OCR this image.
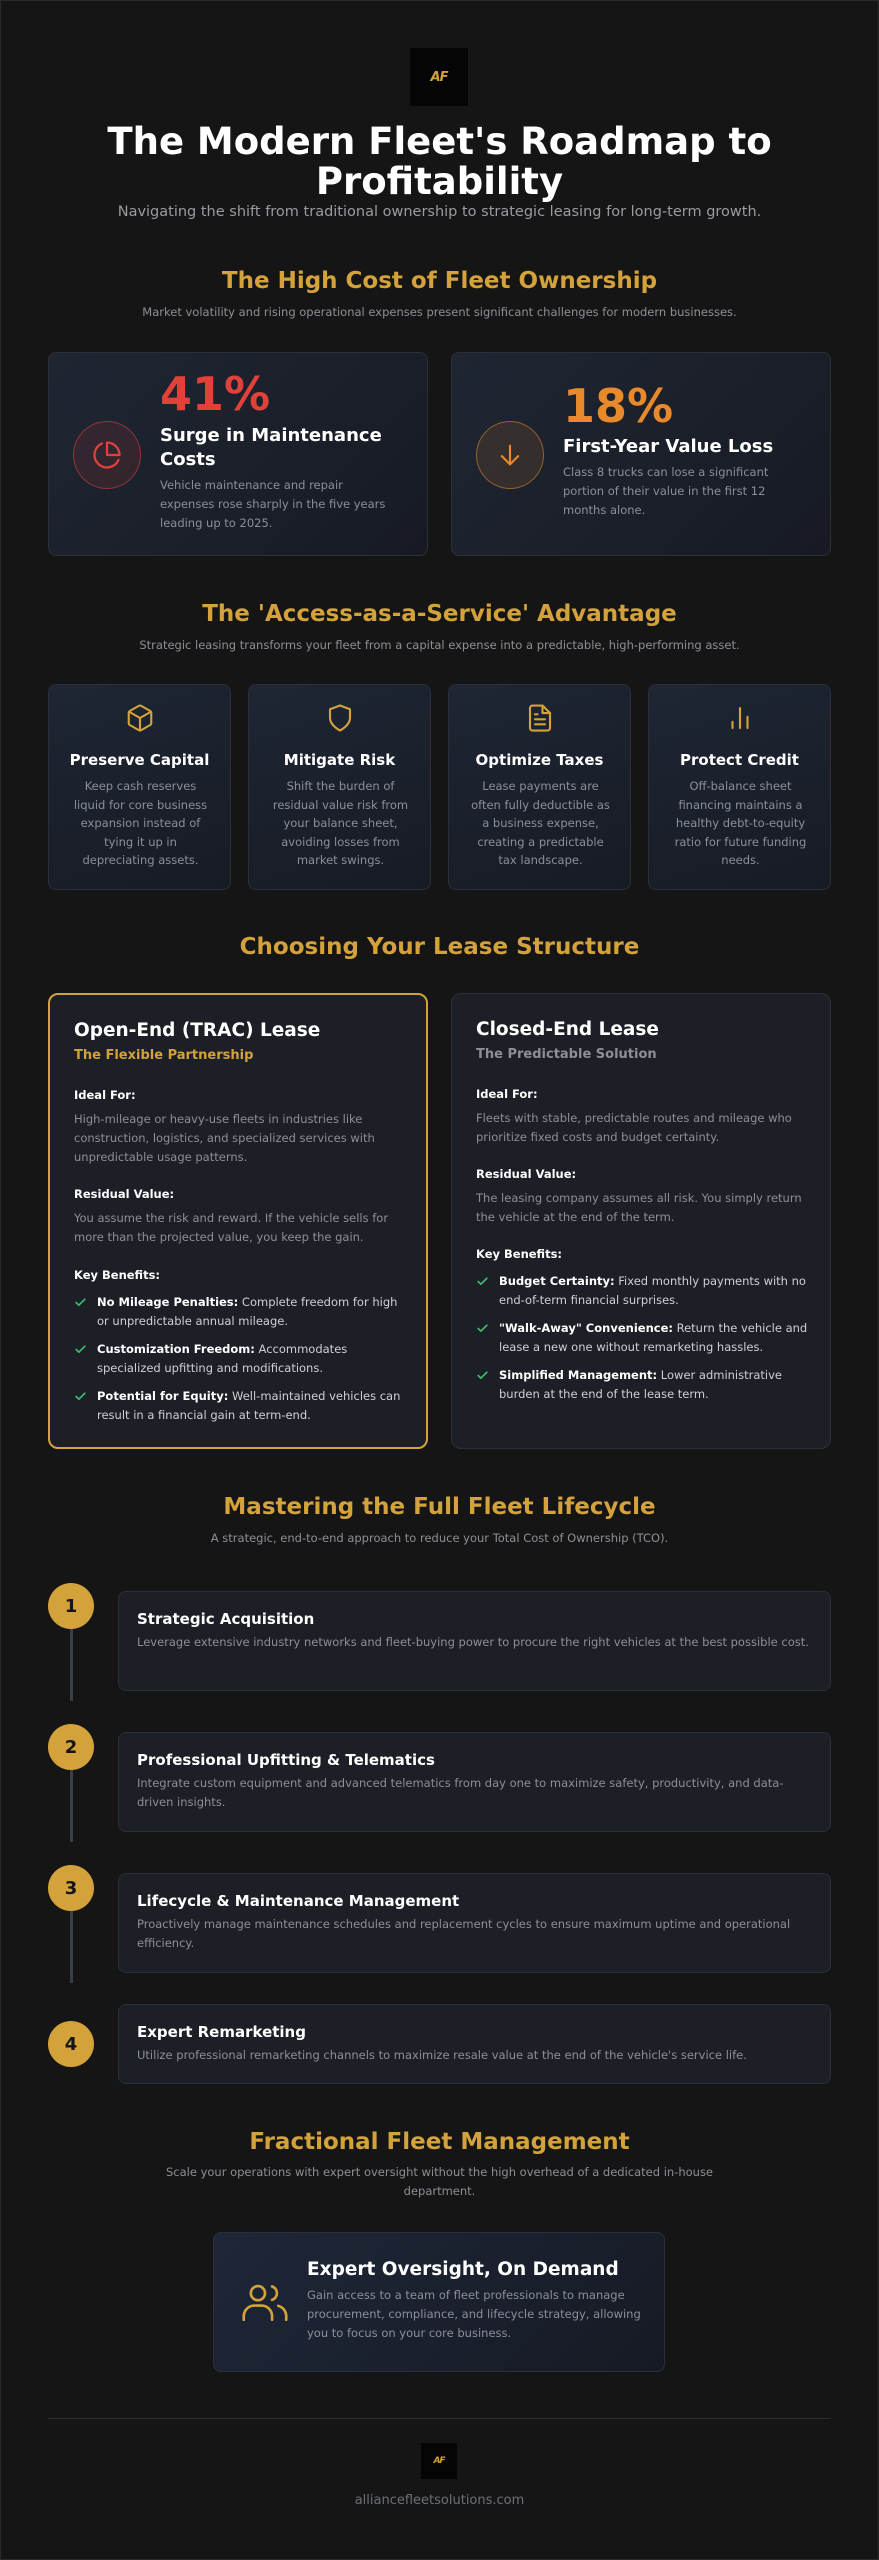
AF
The Modern Fleet's Roadmap to Profitability

Navigating the shift from traditional ownership to strategic leasing for long-term growth.

The High Cost of Fleet Ownership

Market volatility and rising operational expenses present significant challenges for modern businesses.

41%
Surge in Maintenance Costs
Vehicle maintenance and repair expenses rose sharply in the five years leading up to 2025.
18%
First-Year Value Loss
Class 8 trucks can lose a significant portion of their value in the first 12 months alone.
The 'Access-as-a-Service' Advantage

Strategic leasing transforms your fleet from a capital expense into a predictable, high-performing asset.

Preserve Capital
Keep cash reserves liquid for core business expansion instead of tying it up in depreciating assets.
Mitigate Risk
Shift the burden of residual value risk from your balance sheet, avoiding losses from market swings.
Optimize Taxes
Lease payments are often fully deductible as a business expense, creating a predictable tax landscape.
Protect Credit
Off-balance sheet financing maintains a healthy debt-to-equity ratio for future funding needs.
Choosing Your Lease Structure
Open-End (TRAC) Lease
The Flexible Partnership
Ideal For:
High-mileage or heavy-use fleets in industries like construction, logistics, and specialized services with unpredictable usage patterns.
Residual Value:
You assume the risk and reward. If the vehicle sells for more than the projected value, you keep the gain.
Key Benefits:
No Mileage Penalties: Complete freedom for high or unpredictable annual mileage.
Customization Freedom: Accommodates specialized upfitting and modifications.
Potential for Equity: Well-maintained vehicles can result in a financial gain at term-end.
Closed-End Lease
The Predictable Solution
Ideal For:
Fleets with stable, predictable routes and mileage who prioritize fixed costs and budget certainty.
Residual Value:
The leasing company assumes all risk. You simply return the vehicle at the end of the term.
Key Benefits:
Budget Certainty: Fixed monthly payments with no end-of-term financial surprises.
"Walk-Away" Convenience: Return the vehicle and lease a new one without remarketing hassles.
Simplified Management: Lower administrative burden at the end of the lease term.
Mastering the Full Fleet Lifecycle

A strategic, end-to-end approach to reduce your Total Cost of Ownership (TCO).

1
Strategic Acquisition
Leverage extensive industry networks and fleet-buying power to procure the right vehicles at the best possible cost.
2
Professional Upfitting & Telematics
Integrate custom equipment and advanced telematics from day one to maximize safety, productivity, and data-driven insights.
3
Lifecycle & Maintenance Management
Proactively manage maintenance schedules and replacement cycles to ensure maximum uptime and operational efficiency.
4
Expert Remarketing
Utilize professional remarketing channels to maximize resale value at the end of the vehicle's service life.
Fractional Fleet Management

Scale your operations with expert oversight without the high overhead of a dedicated in-house department.

Expert Oversight, On Demand
Gain access to a team of fleet professionals to manage procurement, compliance, and lifecycle strategy, allowing you to focus on your core business.
AF
alliancefleetsolutions.com
